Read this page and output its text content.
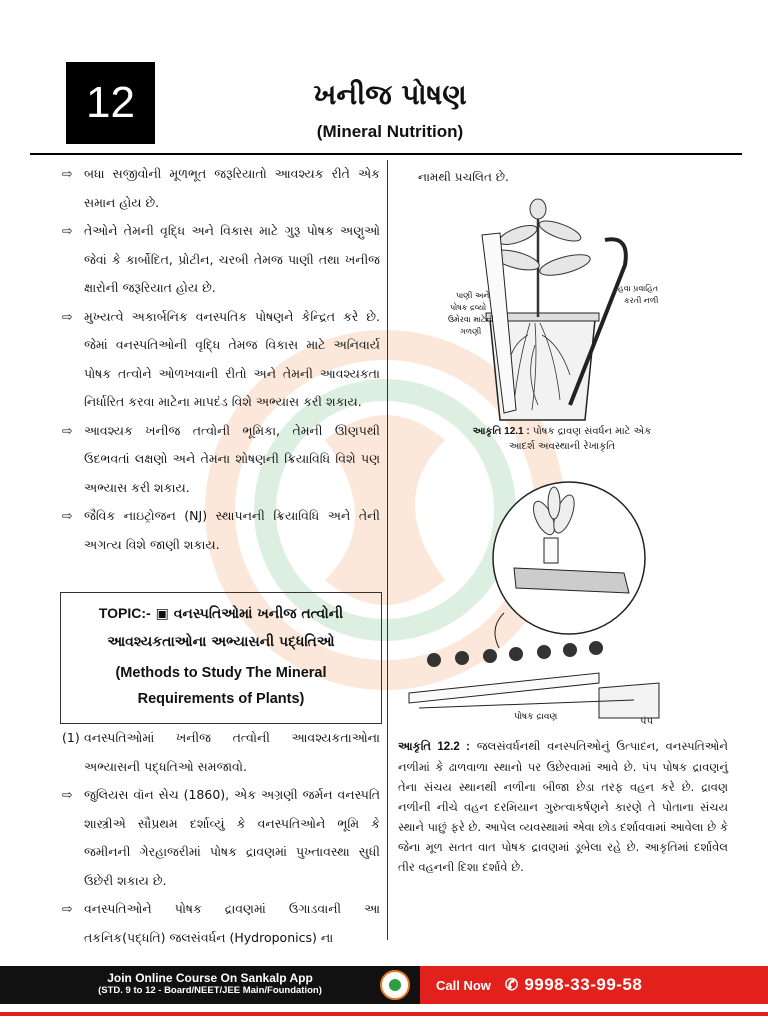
12	ખનીજ પોષણ
(Mineral Nutrition)
⇨ બધા સજીવોની મૂળભૂત જરૂરિયાતો આવશ્યક રીતે એક સમાન હોય છે.
⇨ તેઓને તેમની વૃદ્ધિ અને વિકાસ માટે ગુરૂ પોષક અણુઓ જેવાં કે કાર્બોદિત, પ્રોટીન, ચરબી તેમજ પાણી તથા ખનીજ ક્ષારોની જરૂરિયાત હોય છે.
⇨ મુખ્યત્વે અકાર્બનિક વનસ્પતિક પોષણને કેન્દ્રિત કરે છે. જેમાં વનસ્પતિઓની વૃદ્ધિ તેમજ વિકાસ માટે અનિવાર્ય પોષક તત્વોને ઓળખવાની રીતો અને તેમની આવશ્યકતા નિર્ધારિત કરવા માટેના માપદંડ વિશે અભ્યાસ કરી શકાય.
⇨ આવશ્યક ખનીજ તત્વોની ભૂમિકા, તેમની ઊણપથી ઉદભવતાં લક્ષણો અને તેમના શોષણની ક્રિયાવિધિ વિશે પણ અભ્યાસ કરી શકાય.
⇨ જૈવિક નાઇટ્રોજન (NJ) સ્થાપનની ક્રિયાવિધિ અને તેની અગત્ય વિશે જાણી શકાય.
TOPIC:- ▣ વનસ્પતિઓમાં ખનીજ તત્વોની
આવશ્યકતાઓના અભ્યાસની પદ્ધતિઓ
(Methods to Study The Mineral
Requirements of Plants)
(1) વનસ્પતિઓમાં ખનીજ તત્વોની આવશ્યકતાઓના અભ્યાસની પદ્ધતિઓ સમજાવો.
⇨ જુલિયસ વૉન સેચ (1860), એક અગ્રણી જર્મન વનસ્પતિ શાસ્ત્રીએ સૌપ્રથમ દર્શાવ્યું કે વનસ્પતિઓને ભૂમિ કે જમીનની ગેરહાજરીમાં પોષક દ્રાવણમાં પુખ્તાવસ્થા સુધી ઉછેરી શકાય છે.
⇨ વનસ્પતિઓને પોષક દ્રાવણમાં ઉગાડવાની આ તકનિક(પદ્ધતિ) જલસંવર્ધન (Hydroponics) ના
નામથી પ્રચલિત છે.
પાણી અને
પોષક દ્રવ્યો
ઉમેરવા માટેની
ગળણી
હવા પ્રવાહિત
કરતી નળી
આકૃતિ 12.1 : પોષક દ્રાવણ સંવર્ધન માટે એક
આદર્શ અવસ્થાની રેખાકૃતિ
પોષક દ્રાવણ	પંપ
આકૃતિ 12.2 : જલસંવર્ધનથી વનસ્પતિઓનું ઉત્પાદન, વનસ્પતિઓને નળીમાં કે ઢાળવાળા સ્થાનો પર ઉછેરવામાં આવે છે. પંપ પોષક દ્રાવણનું તેના સંચય સ્થાનથી નળીના બીજા છેડા તરફ વહન કરે છે. દ્રાવણ નળીની નીચે વહન દરમિયાન ગુરુત્વાકર્ષણને કારણે તે પોતાના સંચય સ્થાને પાછું ફરે છે. આપેલ વ્યવસ્થામાં એવા છોડ દર્શાવવામાં આવેલા છે કે જેના મૂળ સતત વાત પોષક દ્રાવણમાં ડૂબેલા રહે છે. આકૃતિમાં દર્શાવેલ તીર વહનની દિશા દર્શાવે છે.
Join Online Course On Sankalp App
(STD. 9 to 12 - Board/NEET/JEE Main/Foundation)	Call Now ✆ 9998-33-99-58
